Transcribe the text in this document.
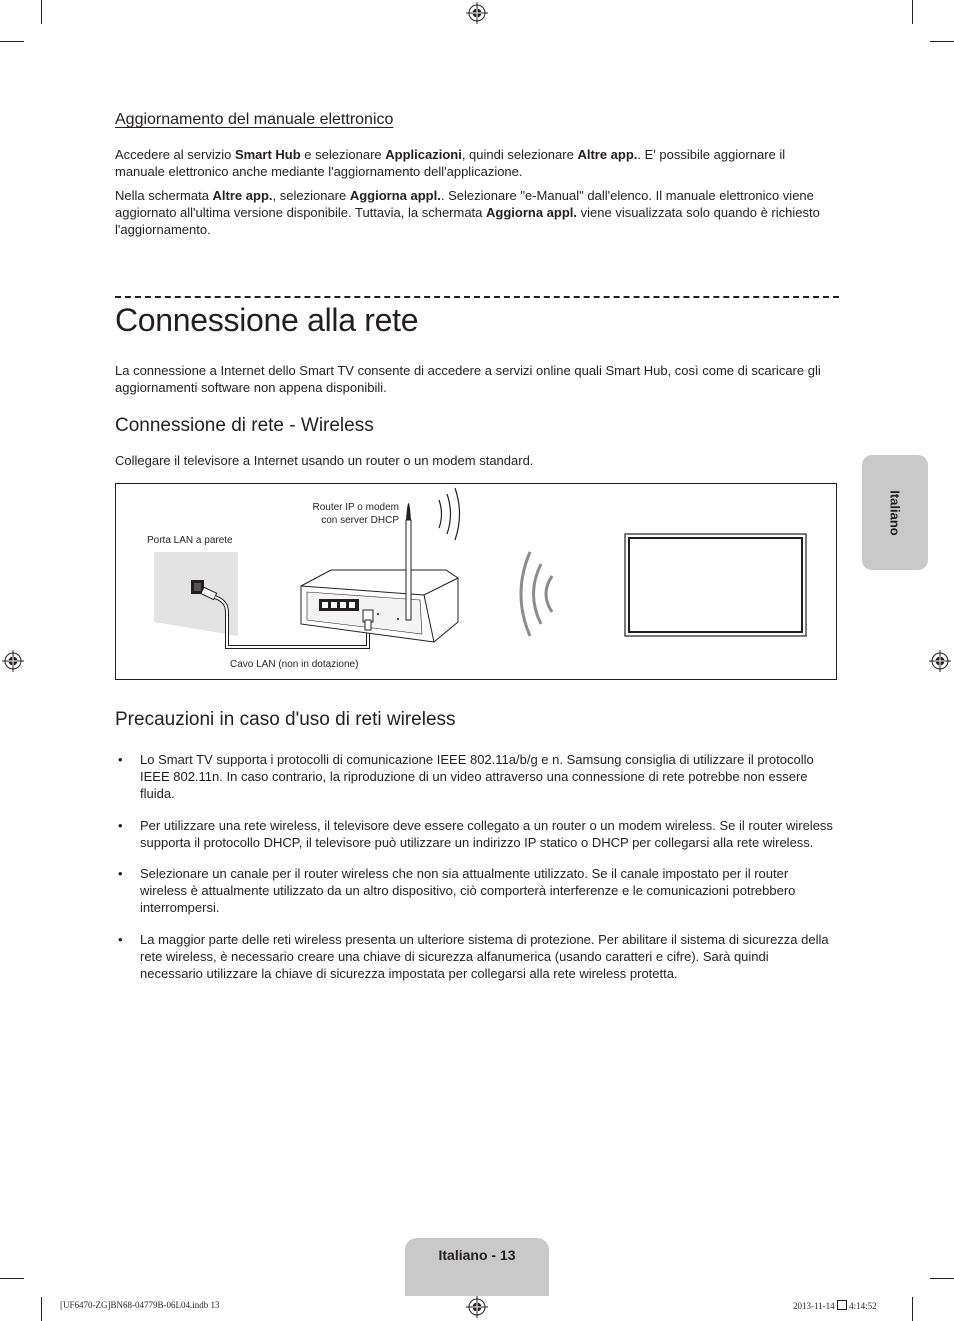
Aggiornamento del manuale elettronico

Accedere al servizio Smart Hub e selezionare Applicazioni, quindi selezionare Altre app.. E' possibile aggiornare il manuale elettronico anche mediante l'aggiornamento dell'applicazione.

Nella schermata Altre app., selezionare Aggiorna appl.. Selezionare "e-Manual" dall'elenco. Il manuale elettronico viene aggiornato all'ultima versione disponibile. Tuttavia, la schermata Aggiorna appl. viene visualizzata solo quando è richiesto l'aggiornamento.

Connessione alla rete

La connessione a Internet dello Smart TV consente di accedere a servizi online quali Smart Hub, così come di scaricare gli aggiornamenti software non appena disponibili.

Connessione di rete - Wireless

Collegare il televisore a Internet usando un router o un modem standard.

Router IP o modem
con server DHCP
Porta LAN a parete
Cavo LAN (non in dotazione)
Precauzioni in caso d'uso di reti wireless
• Lo Smart TV supporta i protocolli di comunicazione IEEE 802.11a/b/g e n. Samsung consiglia di utilizzare il protocollo IEEE 802.11n. In caso contrario, la riproduzione di un video attraverso una connessione di rete potrebbe non essere fluida.
• Per utilizzare una rete wireless, il televisore deve essere collegato a un router o un modem wireless. Se il router wireless supporta il protocollo DHCP, il televisore può utilizzare un indirizzo IP statico o DHCP per collegarsi alla rete wireless.
• Selezionare un canale per il router wireless che non sia attualmente utilizzato. Se il canale impostato per il router wireless è attualmente utilizzato da un altro dispositivo, ciò comporterà interferenze e le comunicazioni potrebbero interrompersi.
• La maggior parte delle reti wireless presenta un ulteriore sistema di protezione. Per abilitare il sistema di sicurezza della rete wireless, è necessario creare una chiave di sicurezza alfanumerica (usando caratteri e cifre). Sarà quindi necessario utilizzare la chiave di sicurezza impostata per collegarsi alla rete wireless protetta.
Italiano
Italiano - 13
[UF6470-ZG]BN68-04779B-06L04.indb 13	2013-11-14  4:14:52
